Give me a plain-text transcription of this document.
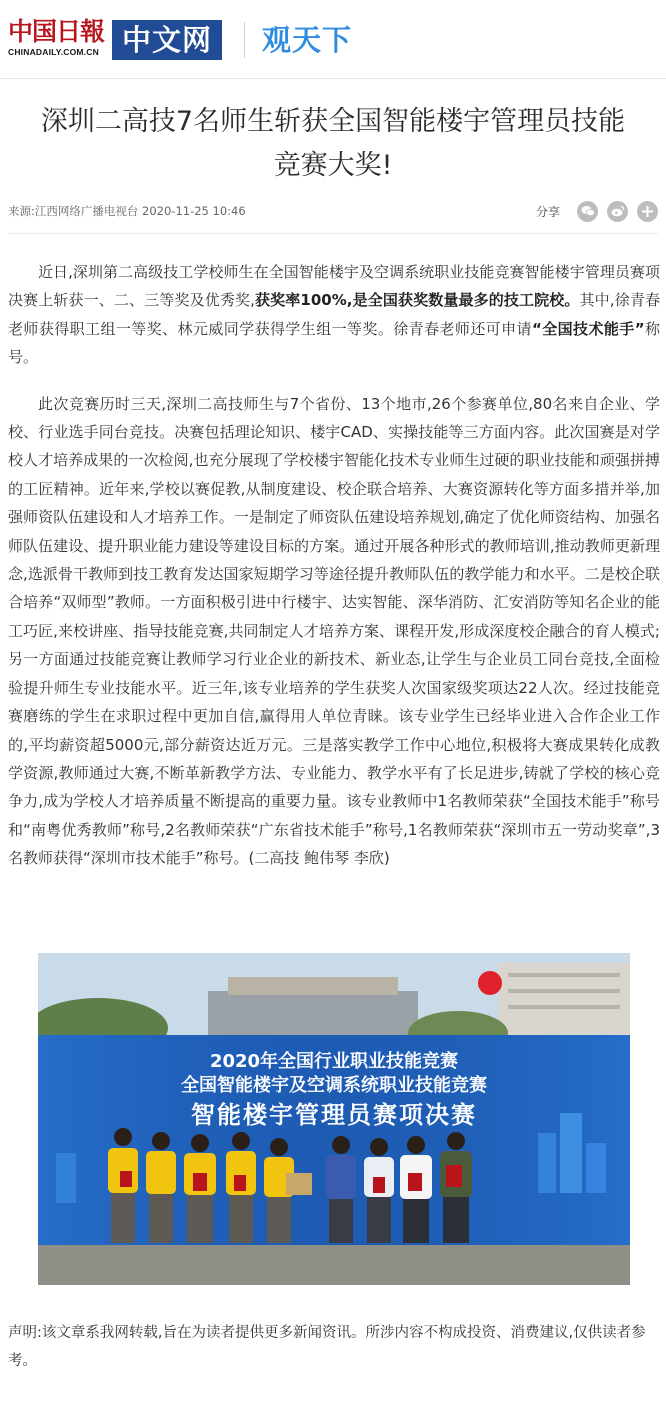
中国日報
CHINADAILY.COM.CN 中文网	观天下
深圳二高技7名师生斩获全国智能楼宇管理员技能
竞赛大奖!
来源:江西网络广播电视台 2020-11-25 10:46	分享

近日,深圳第二高级技工学校师生在全国智能楼宇及空调系统职业技能竞赛智能楼宇管理员赛项决赛上斩获一、二、三等奖及优秀奖,获奖率100%,是全国获奖数量最多的技工院校。其中,徐青春老师获得职工组一等奖、林元威同学获得学生组一等奖。徐青春老师还可申请“全国技术能手”称号。

此次竞赛历时三天,深圳二高技师生与7个省份、13个地市,26个参赛单位,80名来自企业、学校、行业选手同台竞技。决赛包括理论知识、楼宇CAD、实操技能等三方面内容。此次国赛是对学校人才培养成果的一次检阅,也充分展现了学校楼宇智能化技术专业师生过硬的职业技能和顽强拼搏的工匠精神。近年来,学校以赛促教,从制度建设、校企联合培养、大赛资源转化等方面多措并举,加强师资队伍建设和人才培养工作。一是制定了师资队伍建设培养规划,确定了优化师资结构、加强名师队伍建设、提升职业能力建设等建设目标的方案。通过开展各种形式的教师培训,推动教师更新理念,选派骨干教师到技工教育发达国家短期学习等途径提升教师队伍的教学能力和水平。二是校企联合培养“双师型”教师。一方面积极引进中行楼宇、达实智能、深华消防、汇安消防等知名企业的能工巧匠,来校讲座、指导技能竞赛,共同制定人才培养方案、课程开发,形成深度校企融合的育人模式;另一方面通过技能竞赛让教师学习行业企业的新技术、新业态,让学生与企业员工同台竞技,全面检验提升师生专业技能水平。近三年,该专业培养的学生获奖人次国家级奖项达22人次。经过技能竞赛磨练的学生在求职过程中更加自信,赢得用人单位青睐。该专业学生已经毕业进入合作企业工作的,平均薪资超5000元,部分薪资达近万元。三是落实教学工作中心地位,积极将大赛成果转化成教学资源,教师通过大赛,不断革新教学方法、专业能力、教学水平有了长足进步,铸就了学校的核心竞争力,成为学校人才培养质量不断提高的重要力量。该专业教师中1名教师荣获“全国技术能手”称号和“南粤优秀教师”称号,2名教师荣获“广东省技术能手”称号,1名教师荣获“深圳市五一劳动奖章”,3名教师获得“深圳市技术能手”称号。(二高技 鲍伟琴 李欣)

2020年全国行业职业技能竞赛
全国智能楼宇及空调系统职业技能竞赛
智能楼宇管理员赛项决赛
声明:该文章系我网转载,旨在为读者提供更多新闻资讯。所涉内容不构成投资、消费建议,仅供读者参考。
